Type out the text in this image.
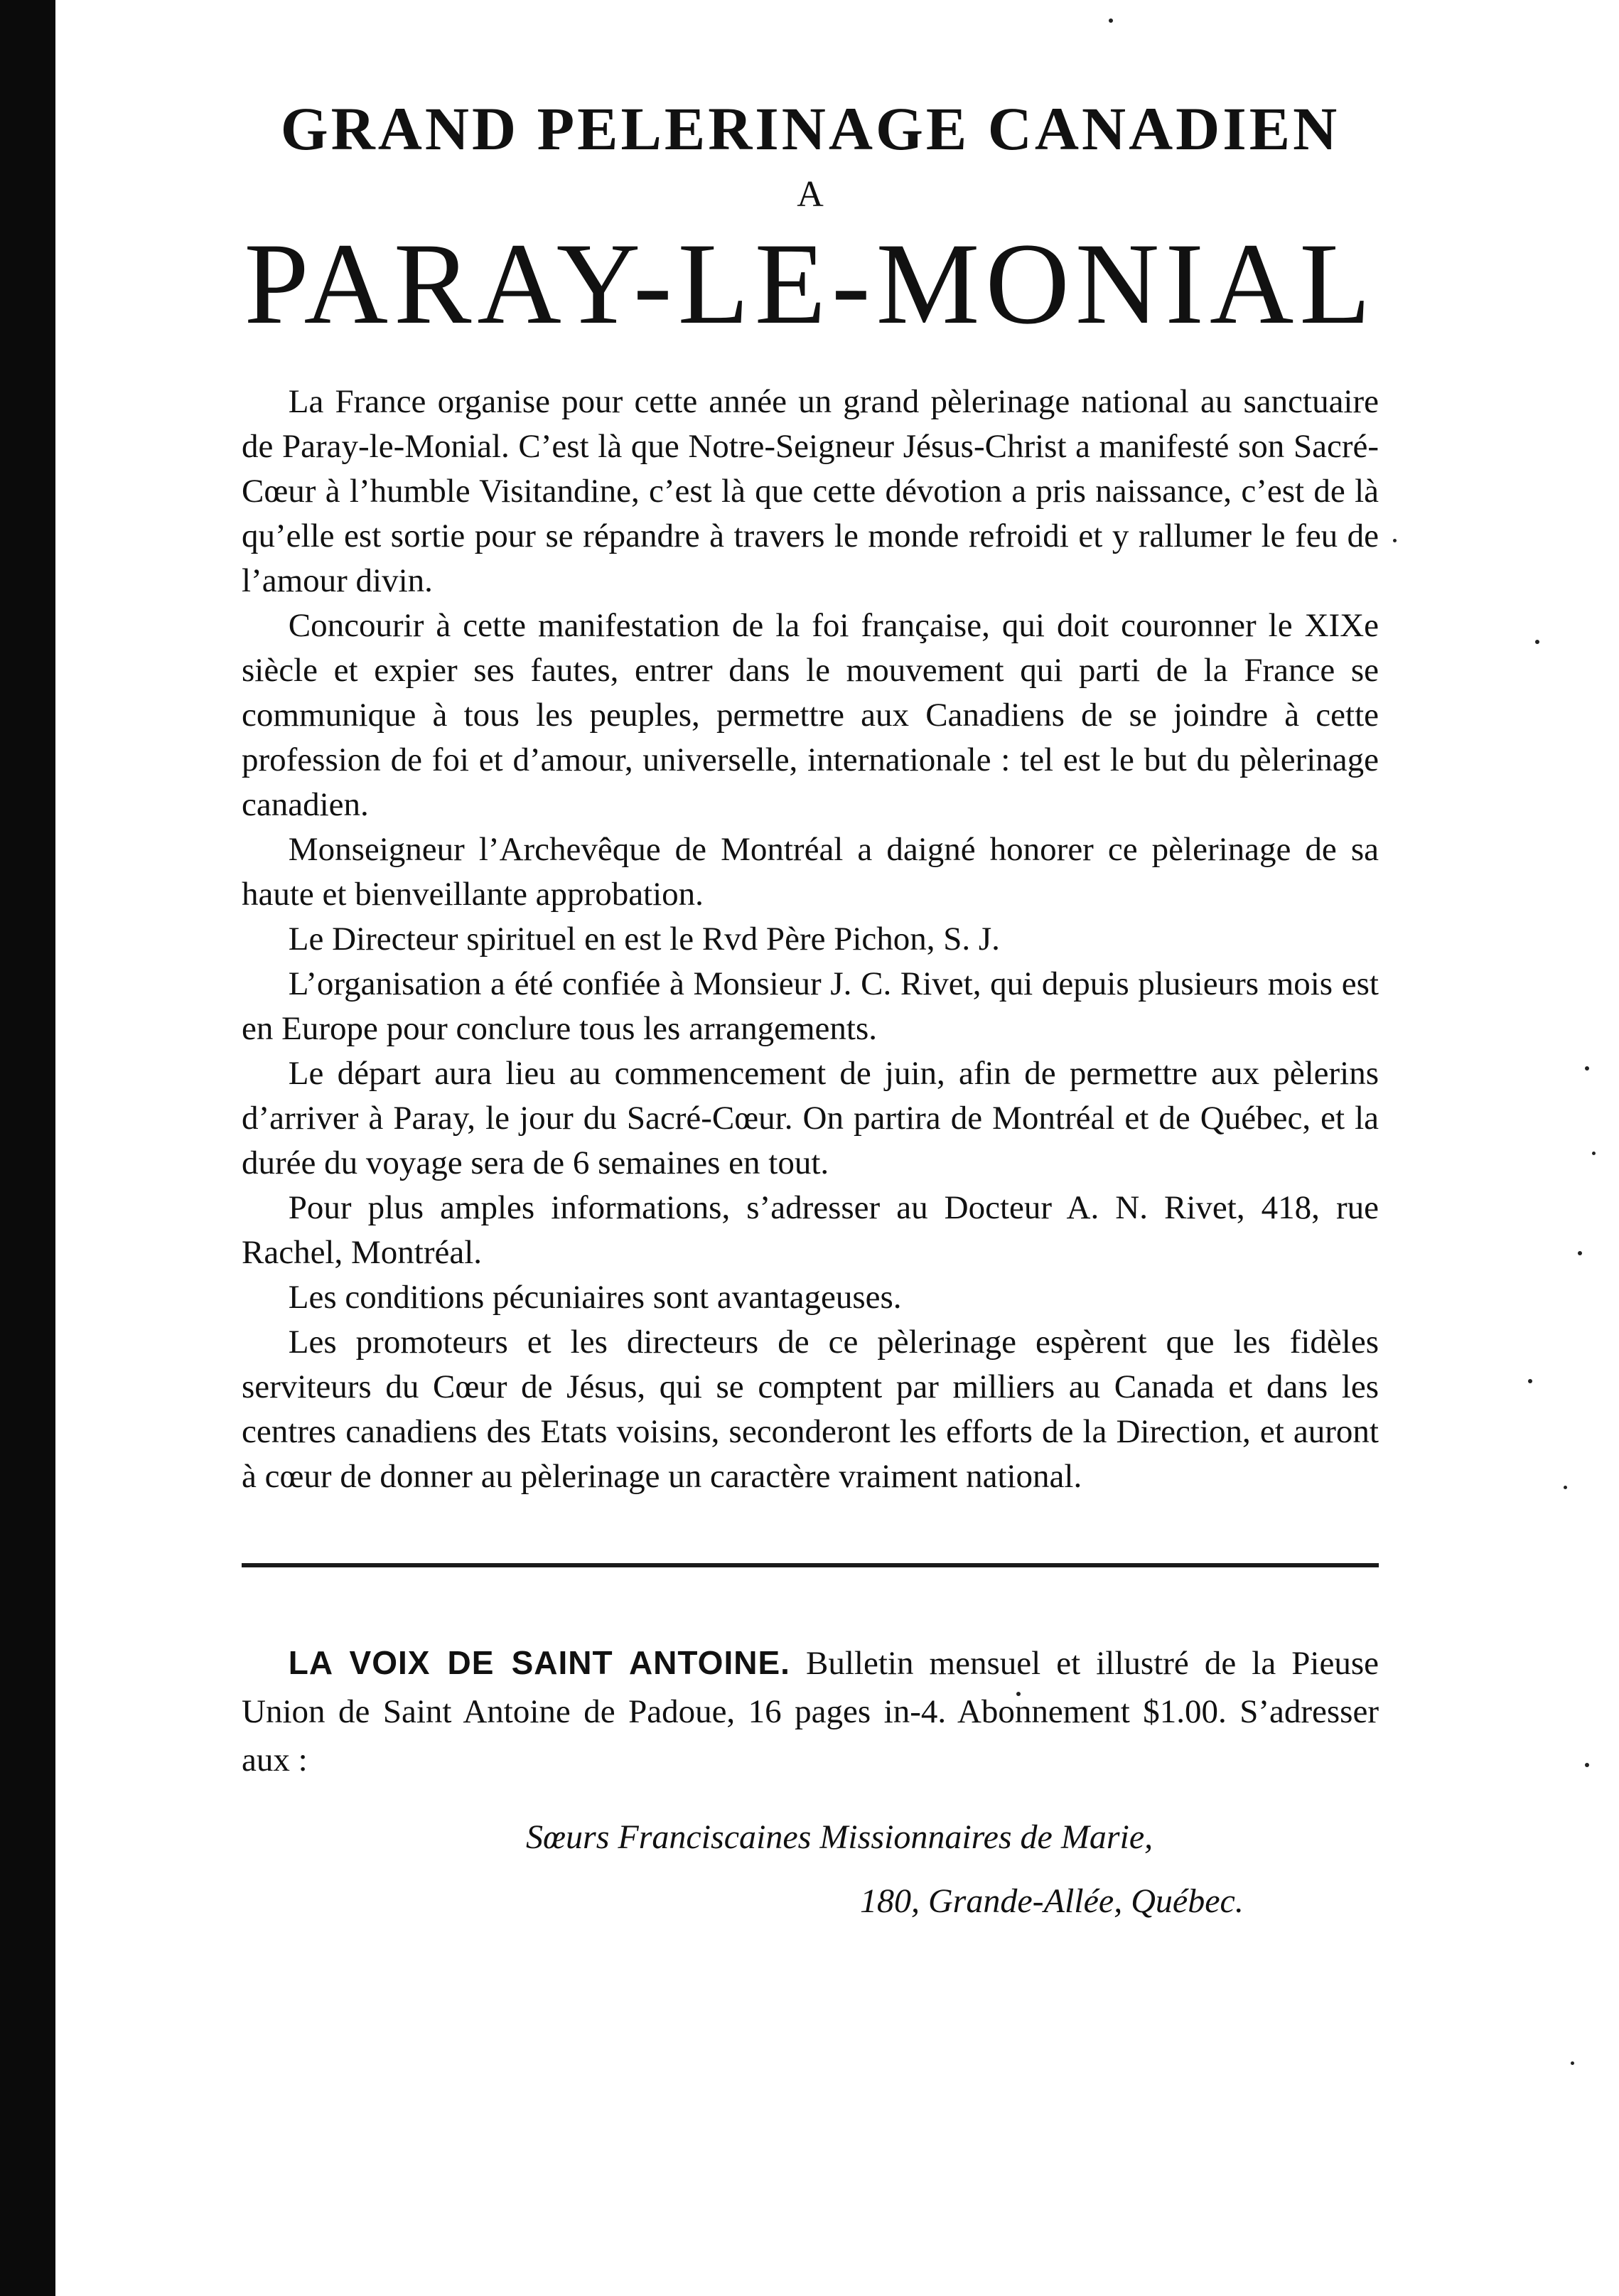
GRAND PELERINAGE CANADIEN
A
PARAY-LE-MONIAL

La France organise pour cette année un grand pèlerinage national au sanctuaire de Paray-le-Monial. C’est là que Notre-Seigneur Jésus-Christ a manifesté son Sacré-Cœur à l’humble Visitandine, c’est là que cette dévotion a pris naissance, c’est de là qu’elle est sortie pour se répandre à travers le monde refroidi et y rallumer le feu de l’amour divin.

Concourir à cette manifestation de la foi française, qui doit couronner le XIXe siècle et expier ses fautes, entrer dans le mouvement qui parti de la France se communique à tous les peuples, permettre aux Canadiens de se joindre à cette profession de foi et d’amour, universelle, internationale : tel est le but du pèlerinage canadien.

Monseigneur l’Archevêque de Montréal a daigné honorer ce pèlerinage de sa haute et bienveillante approbation.

Le Directeur spirituel en est le Rvd Père Pichon, S. J.

L’organisation a été confiée à Monsieur J. C. Rivet, qui depuis plusieurs mois est en Europe pour conclure tous les arrangements.

Le départ aura lieu au commencement de juin, afin de permettre aux pèlerins d’arriver à Paray, le jour du Sacré-Cœur. On partira de Montréal et de Québec, et la durée du voyage sera de 6 semaines en tout.

Pour plus amples informations, s’adresser au Docteur A. N. Rivet, 418, rue Rachel, Montréal.

Les conditions pécuniaires sont avantageuses.

Les promoteurs et les directeurs de ce pèlerinage espèrent que les fidèles serviteurs du Cœur de Jésus, qui se comptent par milliers au Canada et dans les centres canadiens des Etats voisins, seconderont les efforts de la Direction, et auront à cœur de donner au pèlerinage un caractère vraiment national.

LA VOIX DE SAINT ANTOINE. Bulletin mensuel et illustré de la Pieuse Union de Saint Antoine de Padoue, 16 pages in-4. Abonnement $1.00. S’adresser aux :

Sœurs Franciscaines Missionnaires de Marie,
180, Grande-Allée, Québec.
